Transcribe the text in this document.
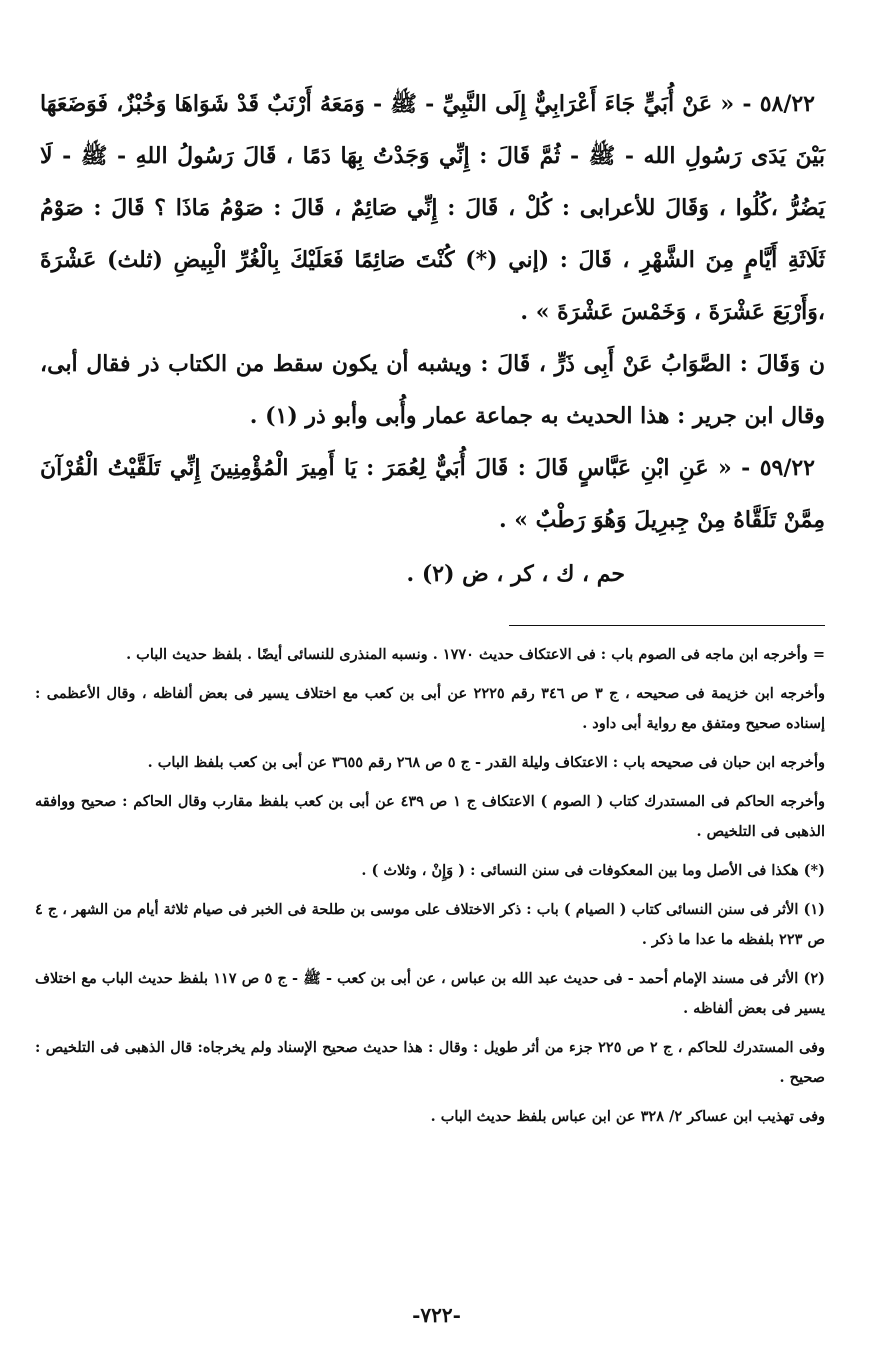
٥٨/٢٢ - « عَنْ أُبَيٍّ جَاءَ أَعْرَابِيٌّ إِلَى النَّبِيِّ - ﷺ - وَمَعَهُ أَرْنَبٌ قَدْ شَوَاهَا وَخُبْزٌ، فَوَضَعَهَا بَيْنَ يَدَى رَسُولِ الله - ﷺ - ثُمَّ قَالَ : إِنِّي وَجَدْتُ بِهَا دَمًا ، قَالَ رَسُولُ اللهِ - ﷺ - لَا يَضُرُّ ،كُلُوا ، وَقَالَ للأعرابى : كُلْ ، قَالَ : إِنِّي صَائِمٌ ، قَالَ : صَوْمُ مَاذَا ؟ قَالَ : صَوْمُ ثَلَاثَةِ أَيَّامٍ مِنَ الشَّهْرِ ، قَالَ : (إني (*) كُنْتَ صَائِمًا فَعَلَيْكَ بِالْغُرِّ الْبِيضِ (ثلث) عَشْرَةَ ،وَأَرْبَعَ عَشْرَةَ ، وَخَمْسَ عَشْرَةَ » .

ن وَقَالَ : الصَّوَابُ عَنْ أَبِى ذَرٍّ ، قَالَ : ويشبه أن يكون سقط من الكتاب ذر فقال أبى، وقال ابن جرير : هذا الحديث به جماعة عمار وأُبى وأبو ذر (١) .

٥٩/٢٢ - « عَنِ ابْنِ عَبَّاسٍ قَالَ : قَالَ أُبَيٌّ لِعُمَرَ : يَا أَمِيرَ الْمُؤْمِنِينَ إِنِّي تَلَقَّيْتُ الْقُرْآنَ مِمَّنْ تَلَقَّاهُ مِنْ جِبرِيلَ وَهُوَ رَطْبٌ » .

حم ، ك ، كر ، ض (٢) .

= وأخرجه ابن ماجه فى الصوم باب : فى الاعتكاف حديث ١٧٧٠ . ونسبه المنذرى للنسائى أيضًا . بلفظ حديث الباب .

وأخرجه ابن خزيمة فى صحيحه ، ج ٣ ص ٣٤٦ رقم ٢٢٢٥ عن أبى بن كعب مع اختلاف يسير فى بعض ألفاظه ، وقال الأعظمى : إسناده صحيح ومتفق مع رواية أبى داود .

وأخرجه ابن حبان فى صحيحه باب : الاعتكاف وليلة القدر - ج ٥ ص ٢٦٨ رقم ٣٦٥٥ عن أبى بن كعب بلفظ الباب .

وأخرجه الحاكم فى المستدرك كتاب ( الصوم ) الاعتكاف ج ١ ص ٤٣٩ عن أبى بن كعب بلفظ مقارب وقال الحاكم : صحيح ووافقه الذهبى فى التلخيص .

(*) هكذا فى الأصل وما بين المعكوفات فى سنن النسائى : ( وَإِنْ ، وثلاث ) .

(١) الأثر فى سنن النسائى كتاب ( الصيام ) باب : ذكر الاختلاف على موسى بن طلحة فى الخبر فى صيام ثلاثة أيام من الشهر ، ج ٤ ص ٢٢٣ بلفظه ما عدا ما ذكر .

(٢) الأثر فى مسند الإمام أحمد - فى حديث عبد الله بن عباس ، عن أبى بن كعب - ﷺ - ج ٥ ص ١١٧ بلفظ حديث الباب مع اختلاف يسير فى بعض ألفاظه .

وفى المستدرك للحاكم ، ج ٢ ص ٢٢٥ جزء من أثر طويل : وقال : هذا حديث صحيح الإسناد ولم يخرجاه: قال الذهبى فى التلخيص : صحيح .

وفى تهذيب ابن عساكر ٢/ ٣٢٨ عن ابن عباس بلفظ حديث الباب .

-٧٢٢-
